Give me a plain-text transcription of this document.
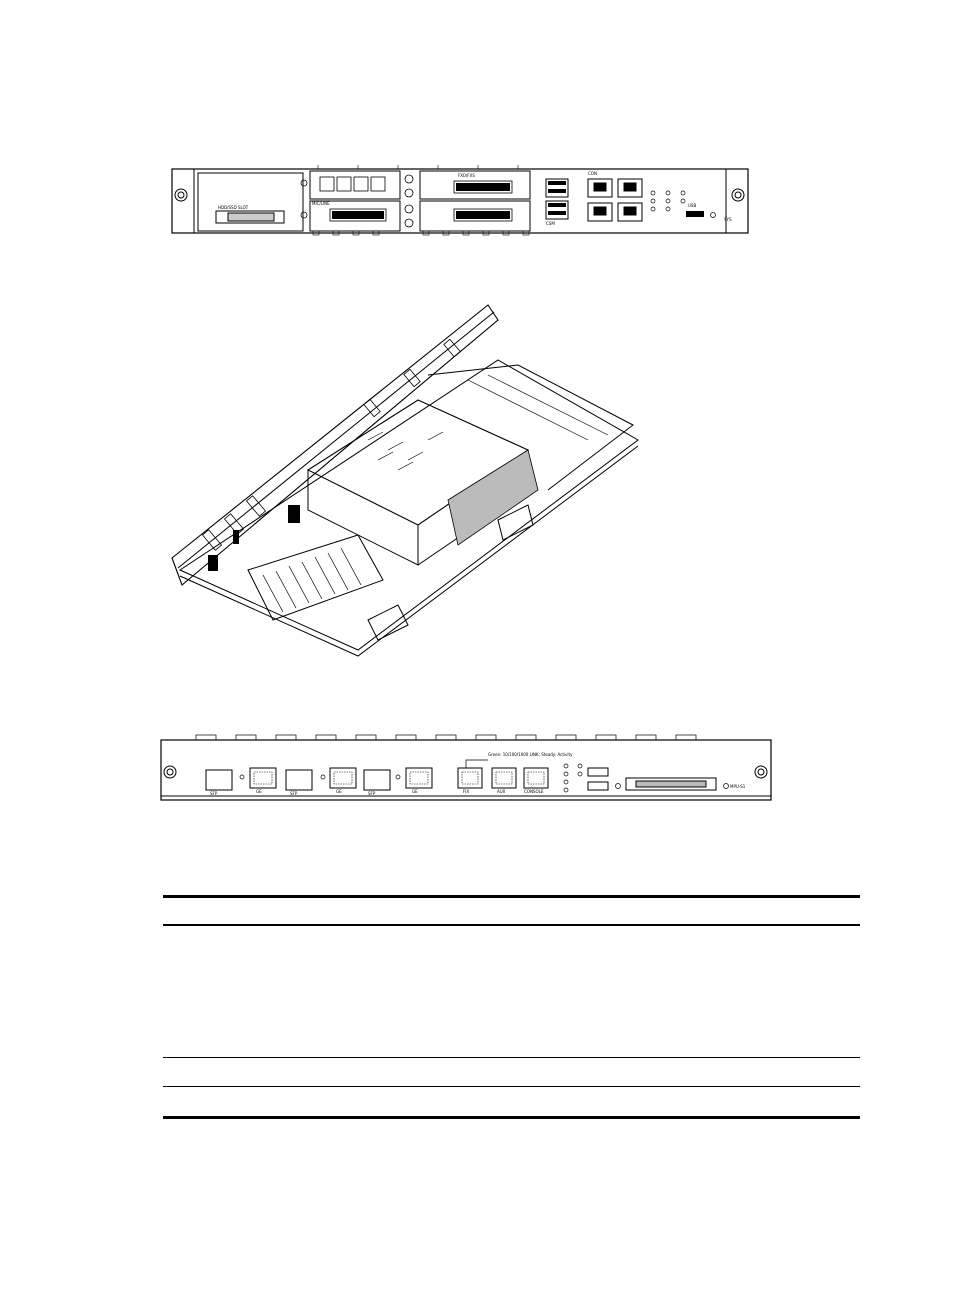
HDD/SSD SLOT
MIC/LINE
FXO/FXS
CSM
CON
USB
SYS
SFP	GE	SFP	GE	SFP	GE	FIX	AUX	CONSOLE
Green: 10/100/1000 LINK; Steady: Activity
MPU-S1
